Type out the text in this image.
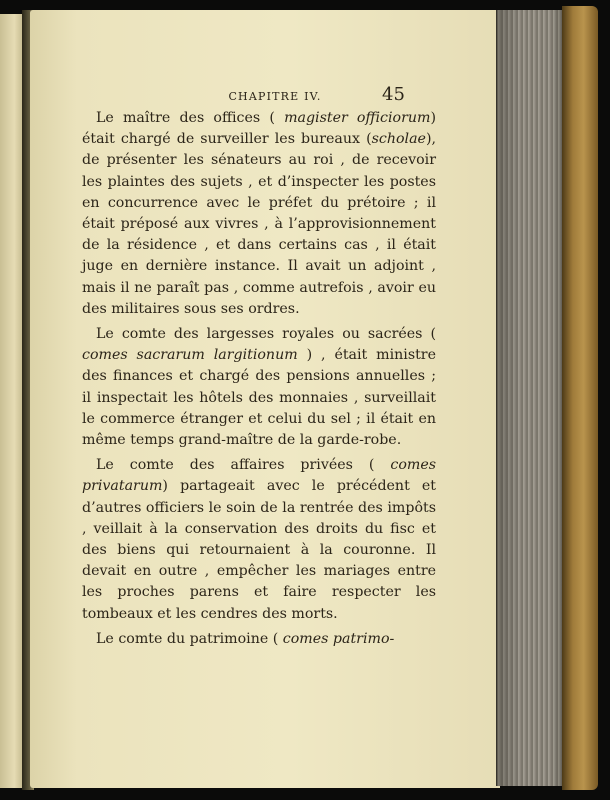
CHAPITRE IV.	45

Le maître des offices ( magister officiorum) était chargé de surveiller les bureaux (scholae), de présenter les sénateurs au roi , de recevoir les plaintes des sujets , et d’inspecter les postes en concurrence avec le préfet du prétoire ; il était préposé aux vivres , à l’approvisionnement de la résidence , et dans certains cas , il était juge en dernière instance. Il avait un adjoint , mais il ne paraît pas , comme autrefois , avoir eu des militaires sous ses ordres.

Le comte des largesses royales ou sacrées ( comes sacrarum largitionum ) , était ministre des finances et chargé des pensions annuelles ; il inspectait les hôtels des monnaies , surveillait le commerce étranger et celui du sel ; il était en même temps grand-maître de la garde-robe.

Le comte des affaires privées ( comes privatarum) partageait avec le précédent et d’autres officiers le soin de la rentrée des impôts , veillait à la conservation des droits du fisc et des biens qui retournaient à la couronne. Il devait en outre , empêcher les mariages entre les proches parens et faire respecter les tombeaux et les cendres des morts.

Le comte du patrimoine ( comes patrimo-
